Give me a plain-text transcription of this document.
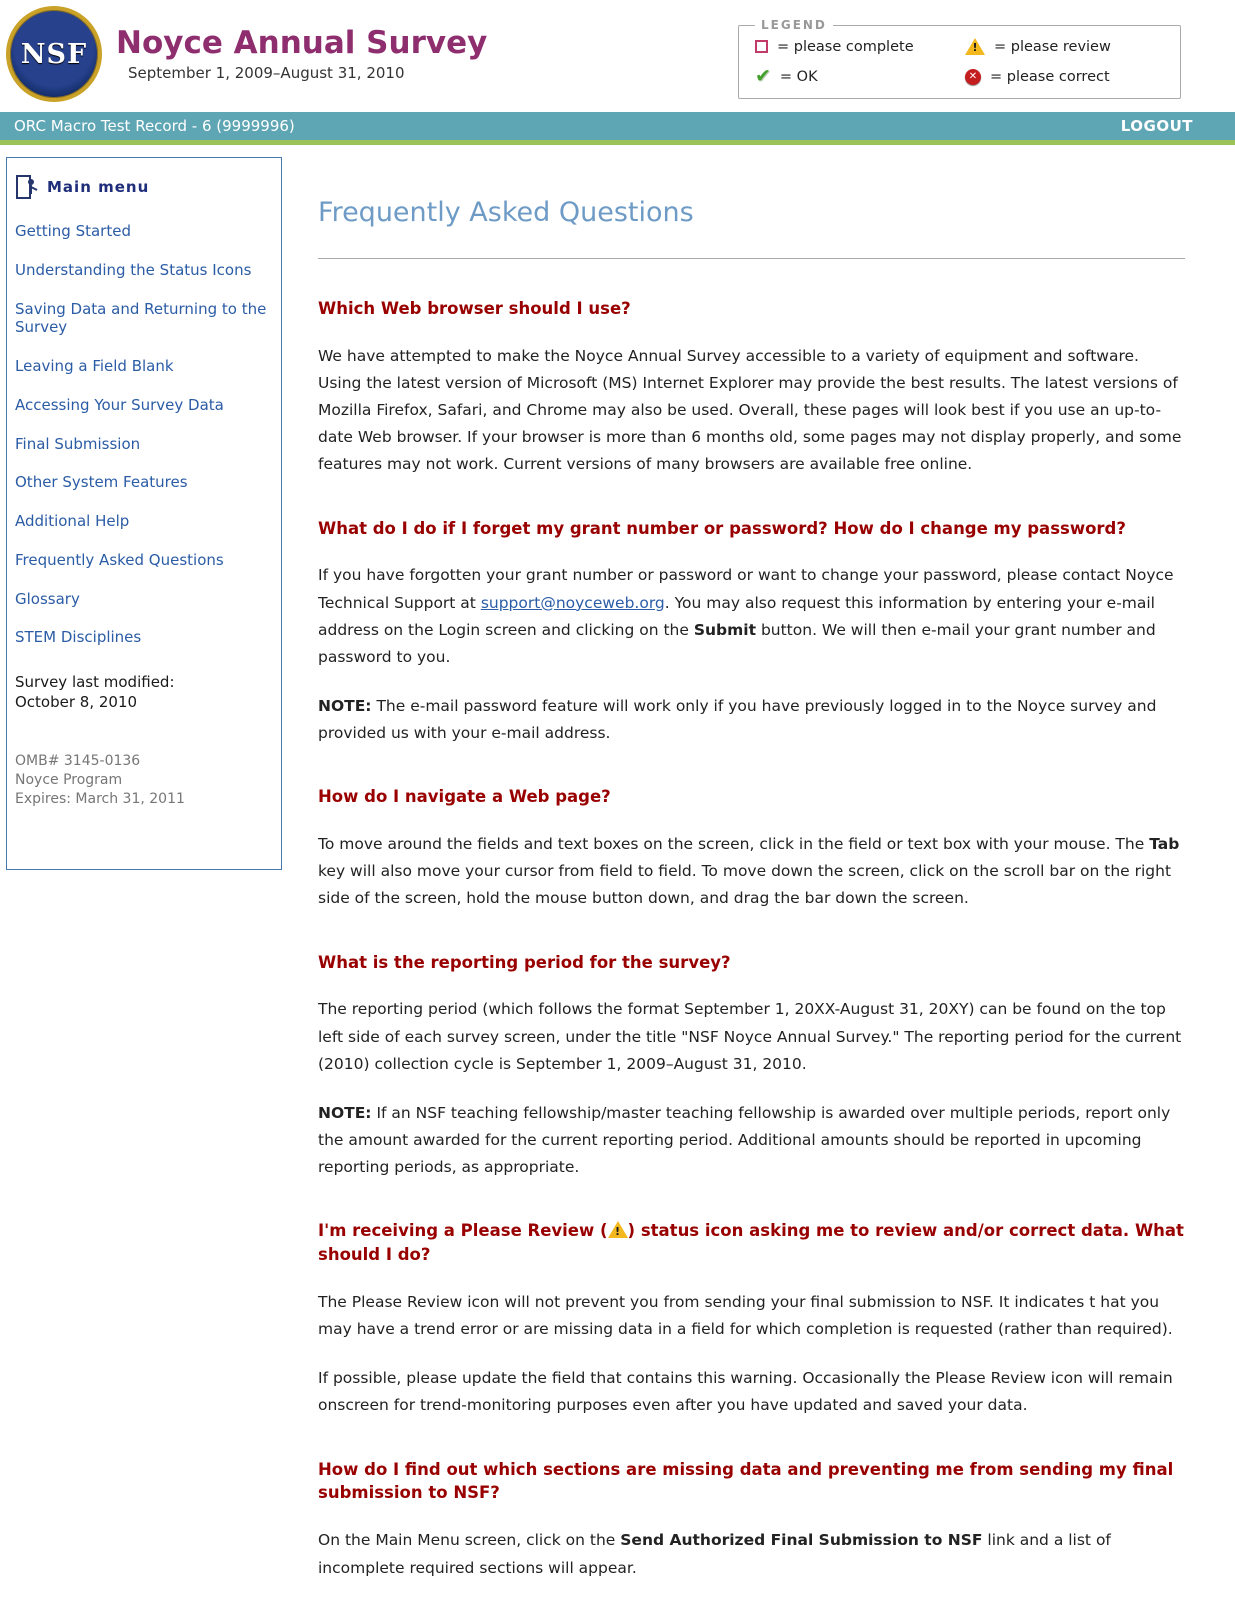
NSF Noyce Annual Survey
September 1, 2009–August 31, 2010
LEGEND
= please complete !	= please review
✔ = OK	✕ = please correct
ORC Macro Test Record - 6 (9999996)	LOGOUT
Main menu
Getting Started
Understanding the Status Icons
Saving Data and Returning to the Survey
Leaving a Field Blank
Accessing Your Survey Data
Final Submission
Other System Features
Additional Help
Frequently Asked Questions
Glossary
STEM Disciplines
Survey last modified:
October 8, 2010
OMB# 3145-0136
Noyce Program
Expires: March 31, 2011
Frequently Asked Questions
Which Web browser should I use?

We have attempted to make the Noyce Annual Survey accessible to a variety of equipment and software. Using the latest version of Microsoft (MS) Internet Explorer may provide the best results. The latest versions of Mozilla Firefox, Safari, and Chrome may also be used. Overall, these pages will look best if you use an up-to-date Web browser. If your browser is more than 6 months old, some pages may not display properly, and some features may not work. Current versions of many browsers are available free online.

What do I do if I forget my grant number or password? How do I change my password?

If you have forgotten your grant number or password or want to change your password, please contact Noyce Technical Support at support@noyceweb.org. You may also request this information by entering your e-mail address on the Login screen and clicking on the Submit button. We will then e-mail your grant number and password to you.

NOTE: The e-mail password feature will work only if you have previously logged in to the Noyce survey and provided us with your e-mail address.

How do I navigate a Web page?

To move around the fields and text boxes on the screen, click in the field or text box with your mouse. The Tab key will also move your cursor from field to field. To move down the screen, click on the scroll bar on the right side of the screen, hold the mouse button down, and drag the bar down the screen.

What is the reporting period for the survey?

The reporting period (which follows the format September 1, 20XX-August 31, 20XY) can be found on the top left side of each survey screen, under the title "NSF Noyce Annual Survey." The reporting period for the current (2010) collection cycle is September 1, 2009–August 31, 2010.

NOTE: If an NSF teaching fellowship/master teaching fellowship is awarded over multiple periods, report only the amount awarded for the current reporting period. Additional amounts should be reported in upcoming reporting periods, as appropriate.

I'm receiving a Please Review ( ! ) status icon asking me to review and/or correct data. What should I do?

The Please Review icon will not prevent you from sending your final submission to NSF. It indicates t hat you may have a trend error or are missing data in a field for which completion is requested (rather than required).

If possible, please update the field that contains this warning. Occasionally the Please Review icon will remain onscreen for trend-monitoring purposes even after you have updated and saved your data.

How do I find out which sections are missing data and preventing me from sending my final submission to NSF?

On the Main Menu screen, click on the Send Authorized Final Submission to NSF link and a list of incomplete required sections will appear.
